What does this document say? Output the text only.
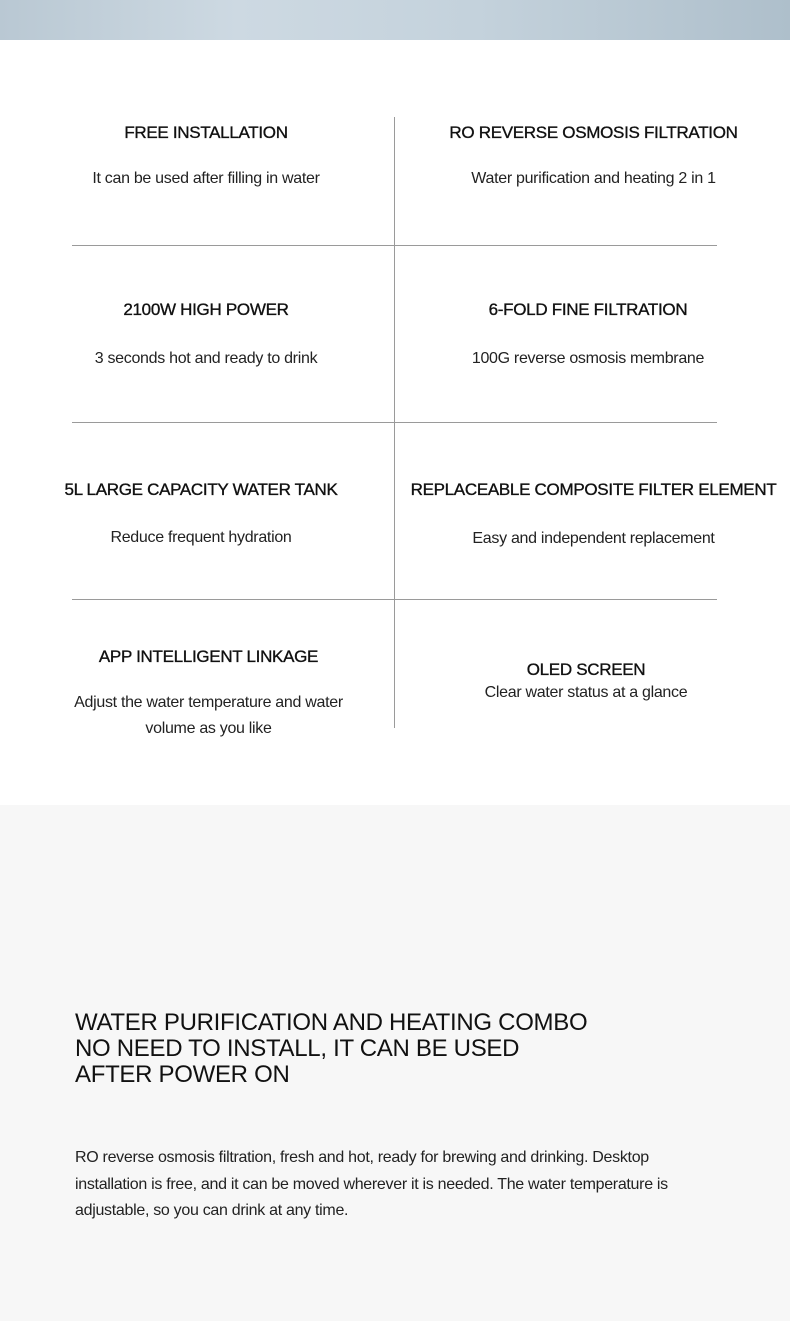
FREE INSTALLATION
It can be used after filling in water
RO REVERSE OSMOSIS FILTRATION
Water purification and heating 2 in 1
2100W HIGH POWER
3 seconds hot and ready to drink
6-FOLD FINE FILTRATION
100G reverse osmosis membrane
5L LARGE CAPACITY WATER TANK
Reduce frequent hydration
REPLACEABLE COMPOSITE FILTER ELEMENT
Easy and independent replacement
APP INTELLIGENT LINKAGE
Adjust the water temperature and water
volume as you like
OLED SCREEN
Clear water status at a glance
WATER PURIFICATION AND HEATING COMBO
NO NEED TO INSTALL, IT CAN BE USED
AFTER POWER ON
RO reverse osmosis filtration, fresh and hot, ready for brewing and drinking. Desktop installation is free, and it can be moved wherever it is needed. The water temperature is adjustable, so you can drink at any time.
